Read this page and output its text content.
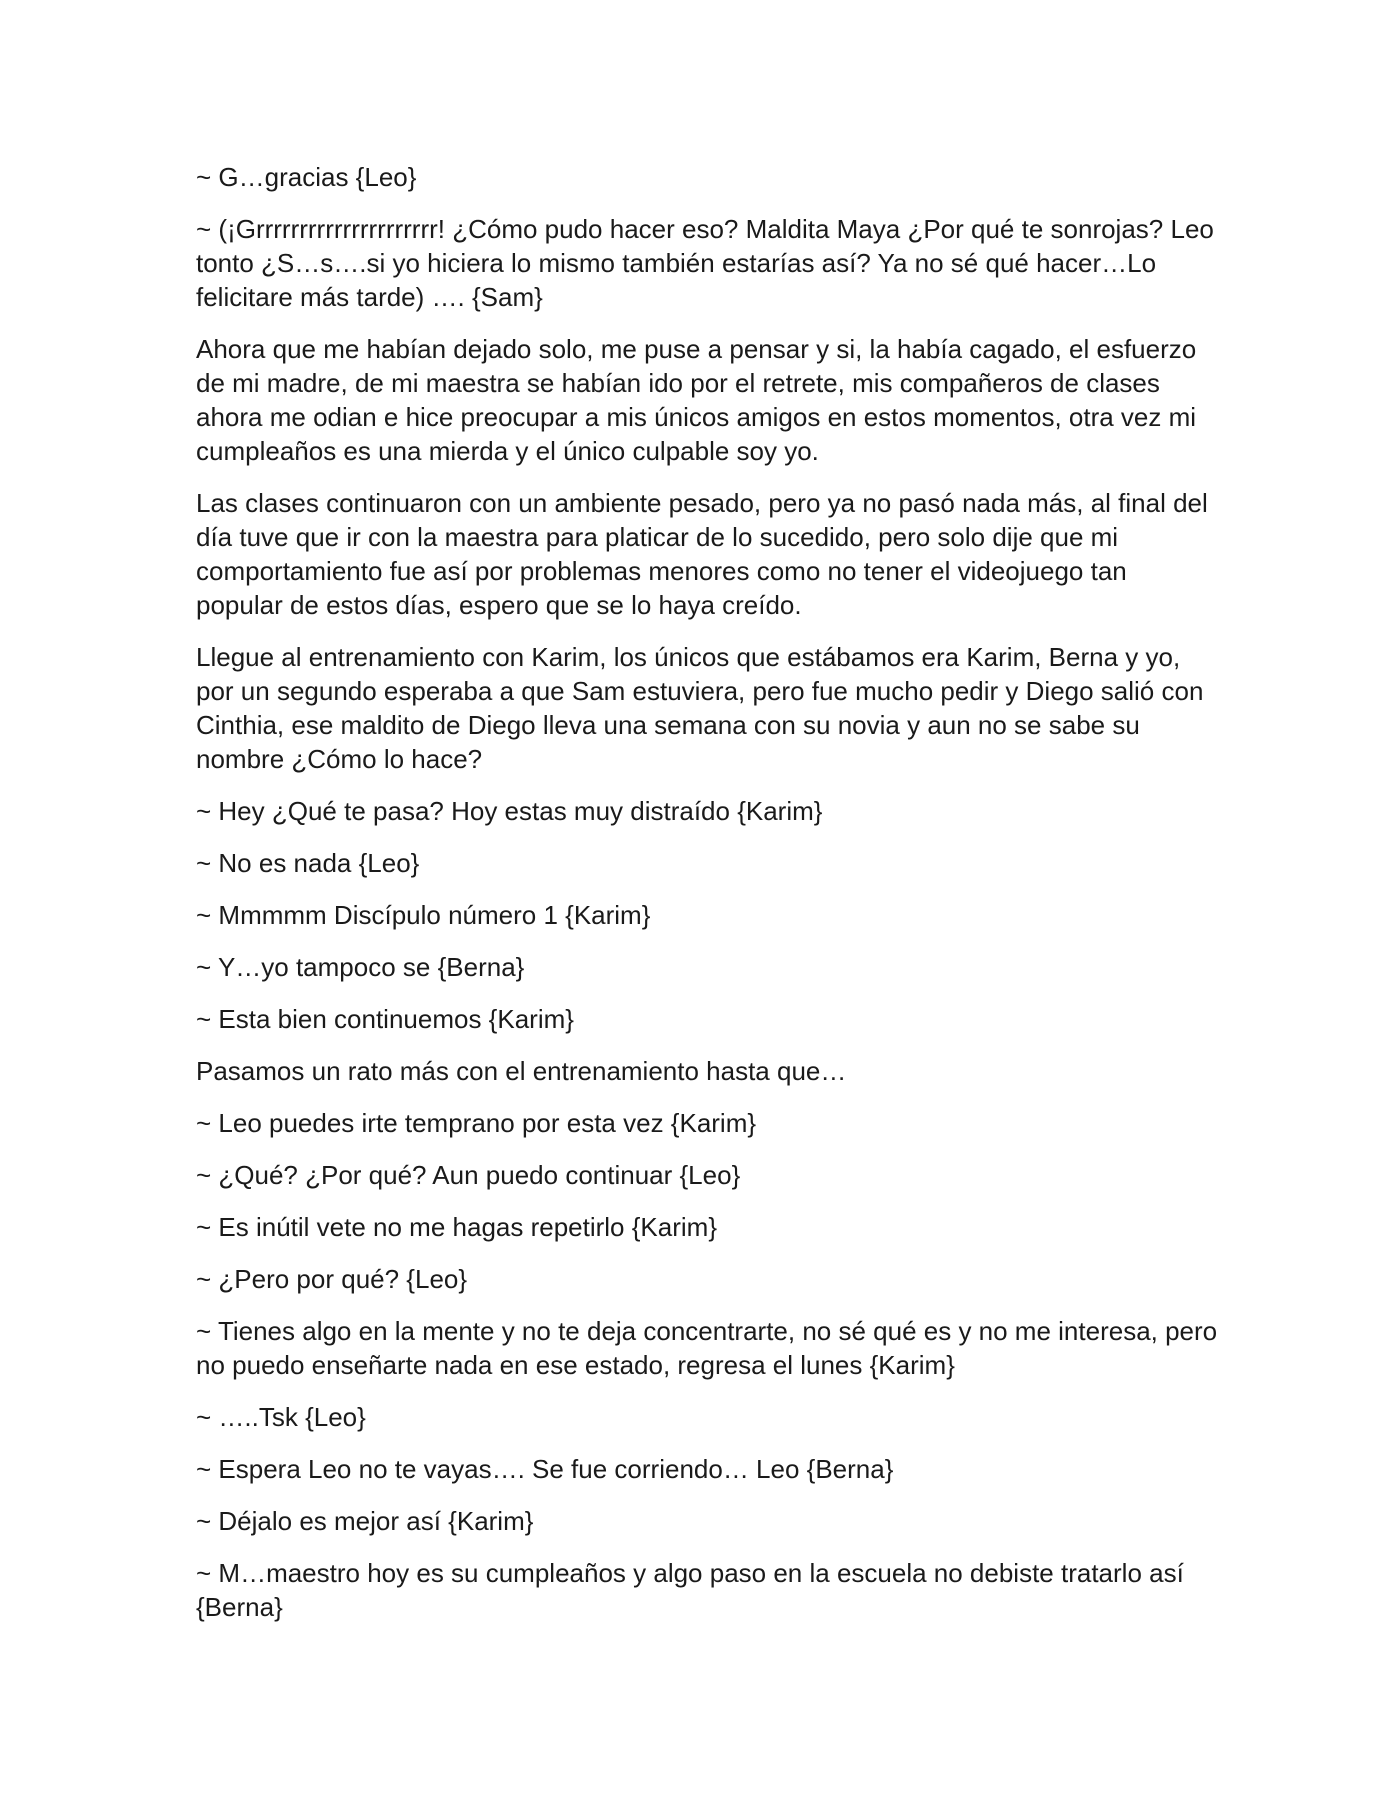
~ G…gracias {Leo}

~ (¡Grrrrrrrrrrrrrrrrrrrrr! ¿Cómo pudo hacer eso? Maldita Maya ¿Por qué te sonrojas? Leo tonto ¿S…s….si yo hiciera lo mismo también estarías así? Ya no sé qué hacer…Lo felicitare más tarde) …. {Sam}

Ahora que me habían dejado solo, me puse a pensar y si, la había cagado, el esfuerzo de mi madre, de mi maestra se habían ido por el retrete, mis compañeros de clases ahora me odian e hice preocupar a mis únicos amigos en estos momentos, otra vez mi cumpleaños es una mierda y el único culpable soy yo.

Las clases continuaron con un ambiente pesado, pero ya no pasó nada más, al final del día tuve que ir con la maestra para platicar de lo sucedido, pero solo dije que mi comportamiento fue así por problemas menores como no tener el videojuego tan popular de estos días, espero que se lo haya creído.

Llegue al entrenamiento con Karim, los únicos que estábamos era Karim, Berna y yo, por un segundo esperaba a que Sam estuviera, pero fue mucho pedir y Diego salió con Cinthia, ese maldito de Diego lleva una semana con su novia y aun no se sabe su nombre ¿Cómo lo hace?

~ Hey ¿Qué te pasa? Hoy estas muy distraído {Karim}

~ No es nada {Leo}

~ Mmmmm Discípulo número 1 {Karim}

~ Y…yo tampoco se {Berna}

~ Esta bien continuemos {Karim}

Pasamos un rato más con el entrenamiento hasta que…

~ Leo puedes irte temprano por esta vez {Karim}

~ ¿Qué? ¿Por qué? Aun puedo continuar {Leo}

~ Es inútil vete no me hagas repetirlo {Karim}

~ ¿Pero por qué? {Leo}

~ Tienes algo en la mente y no te deja concentrarte, no sé qué es y no me interesa, pero no puedo enseñarte nada en ese estado, regresa el lunes {Karim}

~ …..Tsk {Leo}

~ Espera Leo no te vayas…. Se fue corriendo… Leo {Berna}

~ Déjalo es mejor así {Karim}

~ M…maestro hoy es su cumpleaños y algo paso en la escuela no debiste tratarlo así {Berna}
